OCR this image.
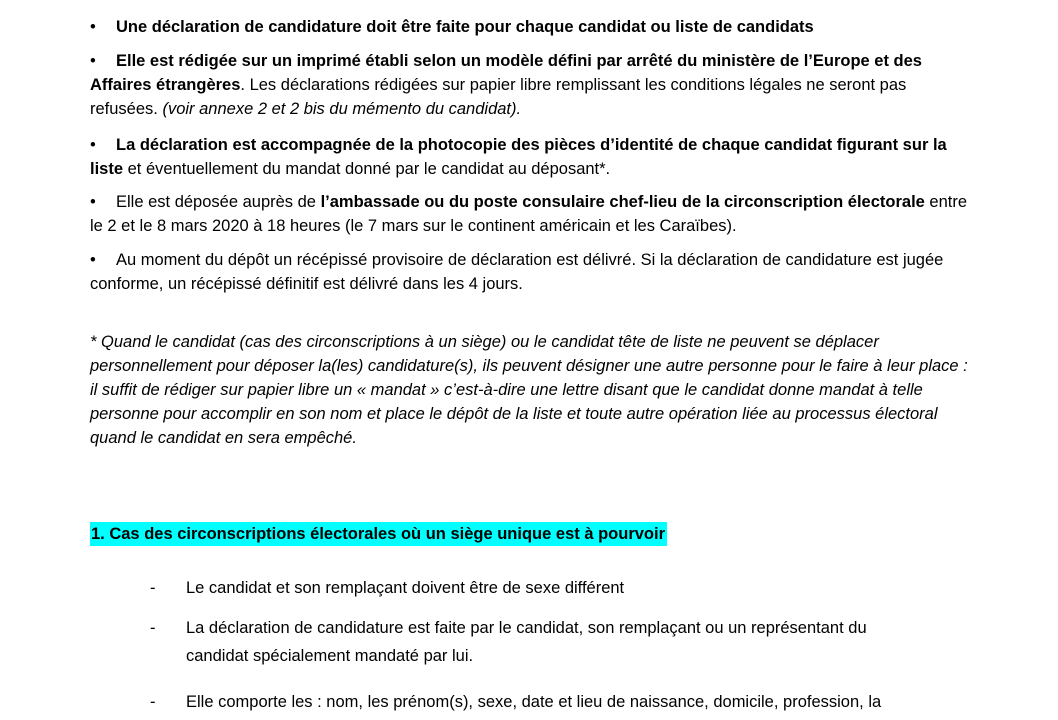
• Une déclaration de candidature doit être faite pour chaque candidat ou liste de candidats
• Elle est rédigée sur un imprimé établi selon un modèle défini par arrêté du ministère de l’Europe et des Affaires étrangères. Les déclarations rédigées sur papier libre remplissant les conditions légales ne seront pas refusées. (voir annexe 2 et 2 bis du mémento du candidat).
• La déclaration est accompagnée de la photocopie des pièces d’identité de chaque candidat figurant sur la liste et éventuellement du mandat donné par le candidat au déposant*.
• Elle est déposée auprès de l’ambassade ou du poste consulaire chef-lieu de la circonscription électorale entre le 2 et le 8 mars 2020 à 18 heures (le 7 mars sur le continent américain et les Caraïbes).
• Au moment du dépôt un récépissé provisoire de déclaration est délivré. Si la déclaration de candidature est jugée conforme, un récépissé définitif est délivré dans les 4 jours.
* Quand le candidat (cas des circonscriptions à un siège) ou le candidat tête de liste ne peuvent se déplacer personnellement pour déposer la(les) candidature(s), ils peuvent désigner une autre personne pour le faire à leur place : il suffit de rédiger sur papier libre un « mandat » c’est-à-dire une lettre disant que le candidat donne mandat à telle personne pour accomplir en son nom et place le dépôt de la liste et toute autre opération liée au processus électoral quand le candidat en sera empêché.
1. Cas des circonscriptions électorales où un siège unique est à pourvoir
- Le candidat et son remplaçant doivent être de sexe différent
- La déclaration de candidature est faite par le candidat, son remplaçant ou un représentant du
candidat spécialement mandaté par lui.
- Elle comporte les : nom, les prénom(s), sexe, date et lieu de naissance, domicile, profession, la
